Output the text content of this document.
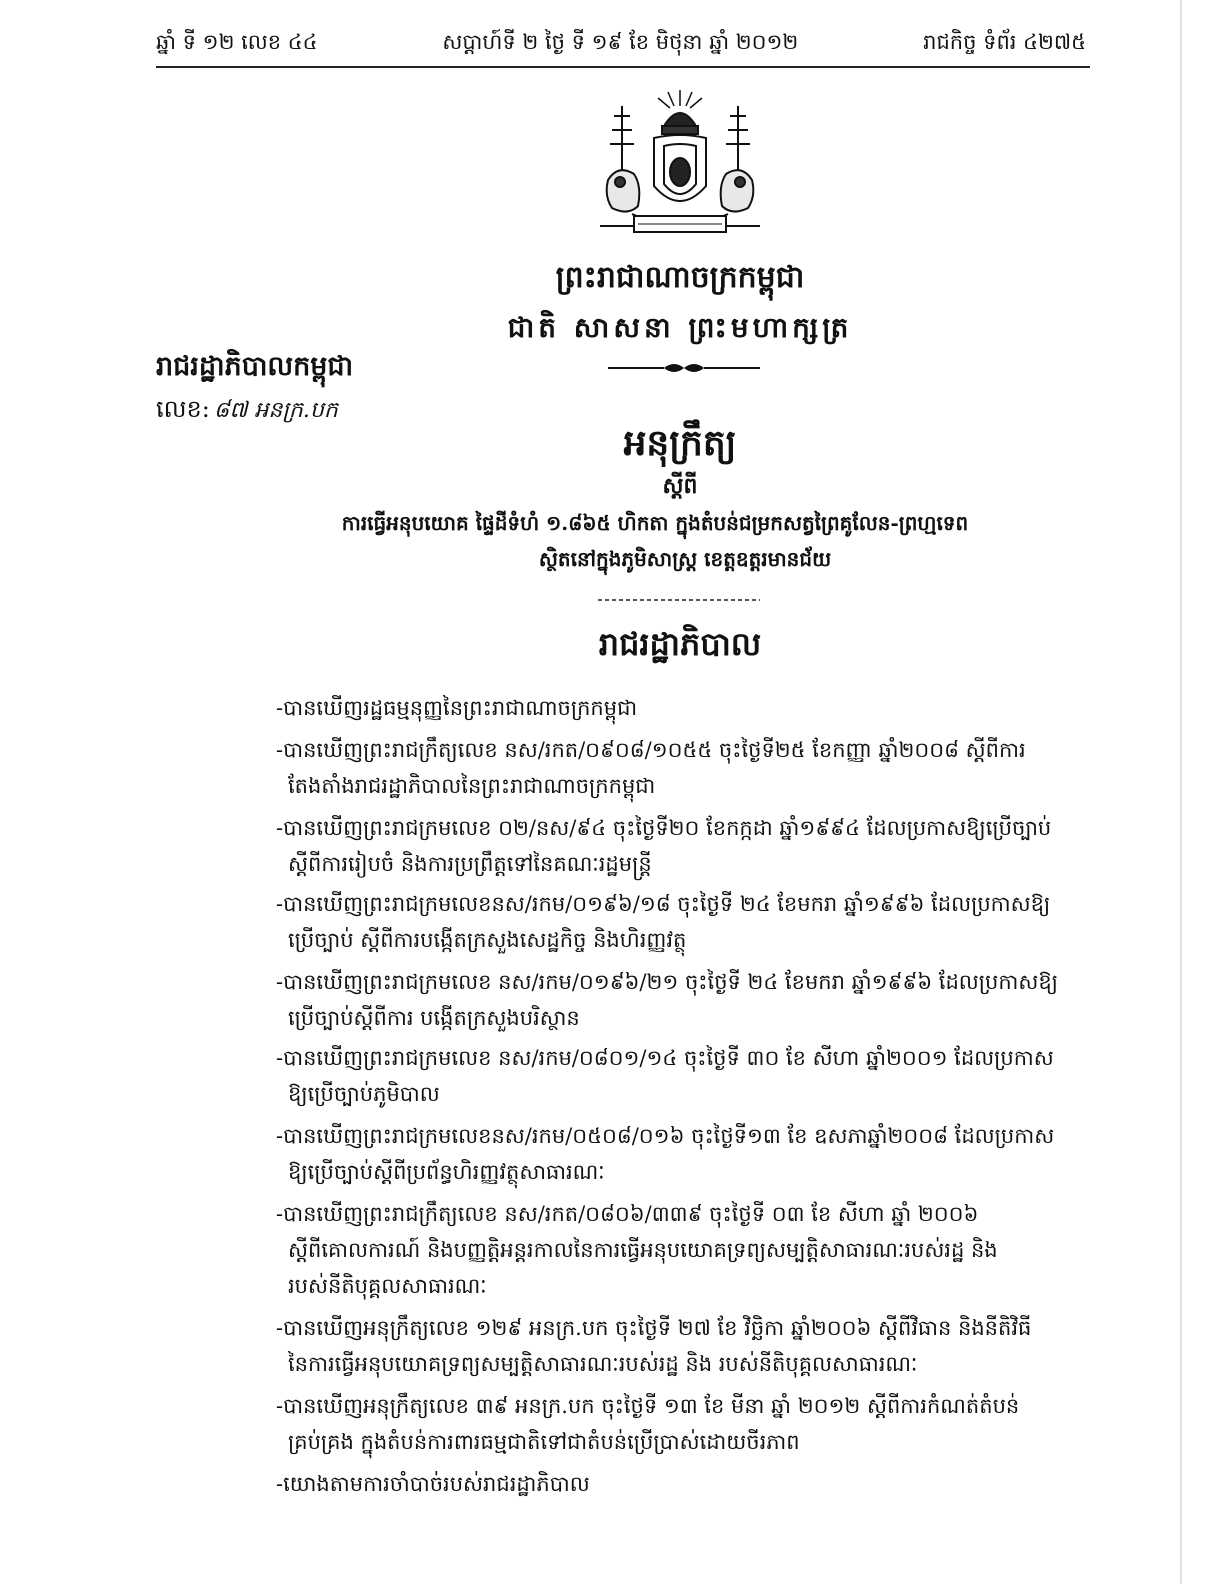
ឆ្នាំ ទី ១២ លេខ ៤៤	សប្ដាហ៍ទី ២ ថ្ងៃ ទី ១៩ ខែ មិថុនា ឆ្នាំ ២០១២	រាជកិច្ច ទំព័រ ៤២៧៥
ព្រះរាជាណាចក្រកម្ពុជា
ជាតិ សាសនា ព្រះមហាក្សត្រ
រាជរដ្ឋាភិបាលកម្ពុជា
លេខ: ៨៧ អនក្រ.បក
អនុក្រឹត្យ
ស្ដីពី
ការធ្វើអនុបយោគ ផ្ទៃដីទំហំ ១.៨៦៥ ហិកតា ក្នុងតំបន់ជម្រកសត្វព្រៃគូលែន-ព្រហ្មទេព
ស្ថិតនៅក្នុងភូមិសាស្ត្រ ខេត្តឧត្ដរមានជ័យ
រាជរដ្ឋាភិបាល

-បានឃើញរដ្ឋធម្មនុញ្ញនៃព្រះរាជាណាចក្រកម្ពុជា

-បានឃើញព្រះរាជក្រឹត្យលេខ នស/រកត/០៩០៨/១០៥៥ ចុះថ្ងៃទី២៥ ខែកញ្ញា ឆ្នាំ២០០៨ ស្ដីពីការ
តែងតាំងរាជរដ្ឋាភិបាលនៃព្រះរាជាណាចក្រកម្ពុជា

-បានឃើញព្រះរាជក្រមលេខ ០២/នស/៩៤ ចុះថ្ងៃទី២០ ខែកក្កដា ឆ្នាំ១៩៩៤ ដែលប្រកាសឱ្យប្រើច្បាប់
ស្ដីពីការរៀបចំ និងការប្រព្រឹត្តទៅនៃគណៈរដ្ឋមន្ត្រី

-បានឃើញព្រះរាជក្រមលេខនស/រកម/០១៩៦/១៨ ចុះថ្ងៃទី ២៤ ខែមករា ឆ្នាំ១៩៩៦ ដែលប្រកាសឱ្យ
ប្រើច្បាប់ ស្ដីពីការបង្កើតក្រសួងសេដ្ឋកិច្ច និងហិរញ្ញវត្ថុ

-បានឃើញព្រះរាជក្រមលេខ នស/រកម/០១៩៦/២១ ចុះថ្ងៃទី ២៤ ខែមករា ឆ្នាំ១៩៩៦ ដែលប្រកាសឱ្យ
ប្រើច្បាប់ស្ដីពីការ បង្កើតក្រសួងបរិស្ថាន

-បានឃើញព្រះរាជក្រមលេខ នស/រកម/០៨០១/១៤ ចុះថ្ងៃទី ៣០ ខែ សីហា ឆ្នាំ២០០១ ដែលប្រកាស
ឱ្យប្រើច្បាប់ភូមិបាល

-បានឃើញព្រះរាជក្រមលេខនស/រកម/០៥០៨/០១៦ ចុះថ្ងៃទី១៣ ខែ ឧសភាឆ្នាំ២០០៨ ដែលប្រកាស
ឱ្យប្រើច្បាប់ស្ដីពីប្រព័ន្ធហិរញ្ញវត្ថុសាធារណៈ

-បានឃើញព្រះរាជក្រឹត្យលេខ នស/រកត/០៨០៦/៣៣៩ ចុះថ្ងៃទី ០៣ ខែ សីហា ឆ្នាំ ២០០៦
ស្ដីពីគោលការណ៍ និងបញ្ញត្តិអន្តរកាលនៃការធ្វើអនុបយោគទ្រព្យសម្បត្តិសាធារណៈរបស់រដ្ឋ និង
របស់នីតិបុគ្គលសាធារណៈ

-បានឃើញអនុក្រឹត្យលេខ ១២៩ អនក្រ.បក ចុះថ្ងៃទី ២៧ ខែ វិច្ឆិកា ឆ្នាំ២០០៦ ស្ដីពីវិធាន និងនីតិវិធី
នៃការធ្វើអនុបយោគទ្រព្យសម្បត្តិសាធារណៈរបស់រដ្ឋ និង របស់នីតិបុគ្គលសាធារណៈ

-បានឃើញអនុក្រឹត្យលេខ ៣៩ អនក្រ.បក ចុះថ្ងៃទី ១៣ ខែ មីនា ឆ្នាំ ២០១២ ស្ដីពីការកំណត់តំបន់
គ្រប់គ្រង ក្នុងតំបន់ការពារធម្មជាតិទៅជាតំបន់ប្រើប្រាស់ដោយចីរភាព

-យោងតាមការចាំបាច់របស់រាជរដ្ឋាភិបាល
